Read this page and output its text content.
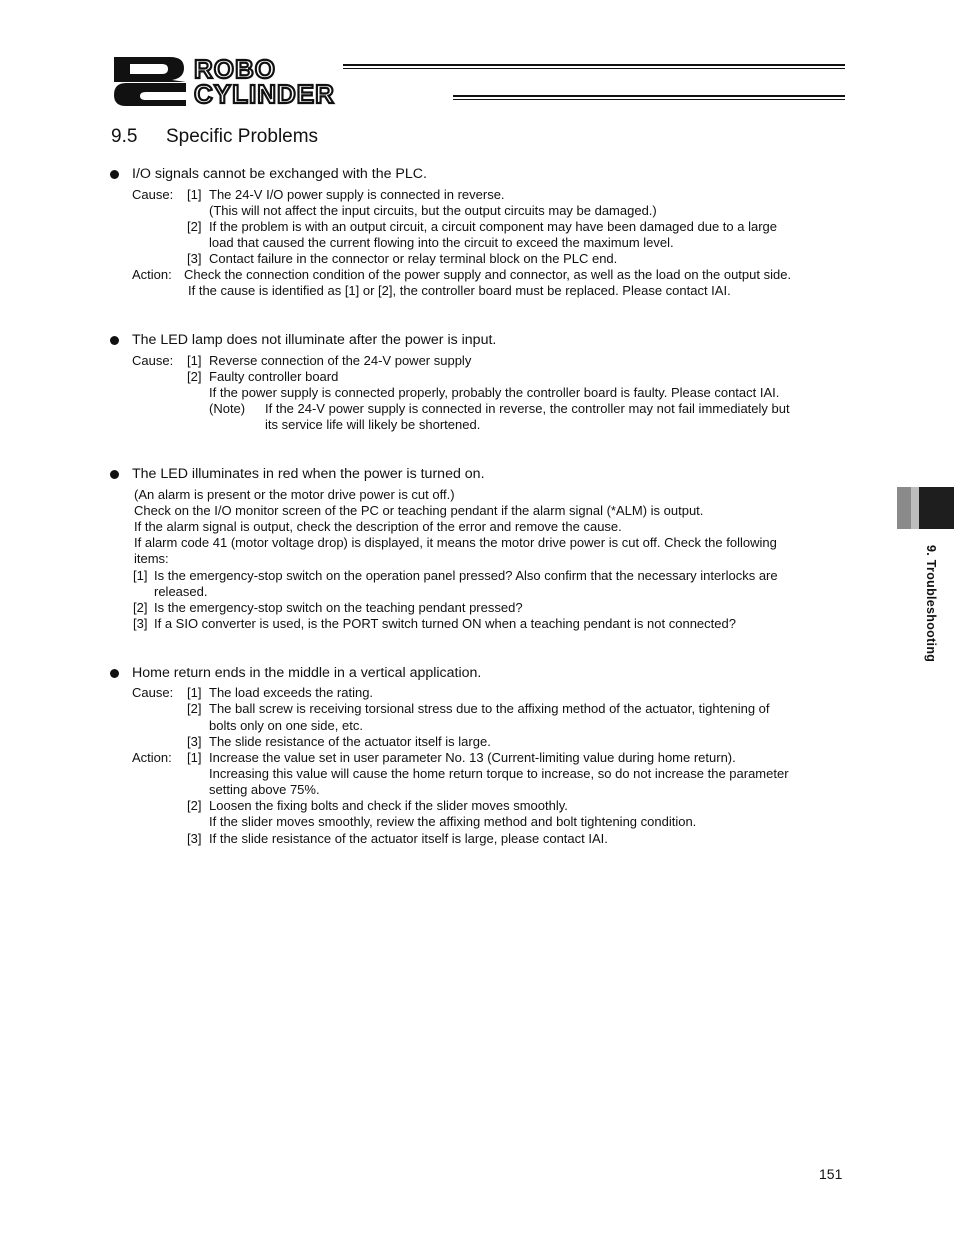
ROBO
CYLINDER
9.5 Specific Problems
I/O signals cannot be exchanged with the PLC.
Cause: [1] The 24-V I/O power supply is connected in reverse.
(This will not affect the input circuits, but the output circuits may be damaged.)
[2] If the problem is with an output circuit, a circuit component may have been damaged due to a large
load that caused the current flowing into the circuit to exceed the maximum level.
[3] Contact failure in the connector or relay terminal block on the PLC end.
Action: Check the connection condition of the power supply and connector, as well as the load on the output side.
If the cause is identified as [1] or [2], the controller board must be replaced. Please contact IAI.
The LED lamp does not illuminate after the power is input.
Cause: [1] Reverse connection of the 24-V power supply
[2] Faulty controller board
If the power supply is connected properly, probably the controller board is faulty. Please contact IAI.
(Note) If the 24-V power supply is connected in reverse, the controller may not fail immediately but
its service life will likely be shortened.
The LED illuminates in red when the power is turned on.
(An alarm is present or the motor drive power is cut off.)
Check on the I/O monitor screen of the PC or teaching pendant if the alarm signal (*ALM) is output.
If the alarm signal is output, check the description of the error and remove the cause.
If alarm code 41 (motor voltage drop) is displayed, it means the motor drive power is cut off. Check the following
items:
[1] Is the emergency-stop switch on the operation panel pressed? Also confirm that the necessary interlocks are
released.
[2] Is the emergency-stop switch on the teaching pendant pressed?
[3] If a SIO converter is used, is the PORT switch turned ON when a teaching pendant is not connected?
Home return ends in the middle in a vertical application.
Cause: [1] The load exceeds the rating.
[2] The ball screw is receiving torsional stress due to the affixing method of the actuator, tightening of
bolts only on one side, etc.
[3] The slide resistance of the actuator itself is large.
Action: [1] Increase the value set in user parameter No. 13 (Current-limiting value during home return).
Increasing this value will cause the home return torque to increase, so do not increase the parameter
setting above 75%.
[2] Loosen the fixing bolts and check if the slider moves smoothly.
If the slider moves smoothly, review the affixing method and bolt tightening condition.
[3] If the slide resistance of the actuator itself is large, please contact IAI.
9. Troubleshooting
151
